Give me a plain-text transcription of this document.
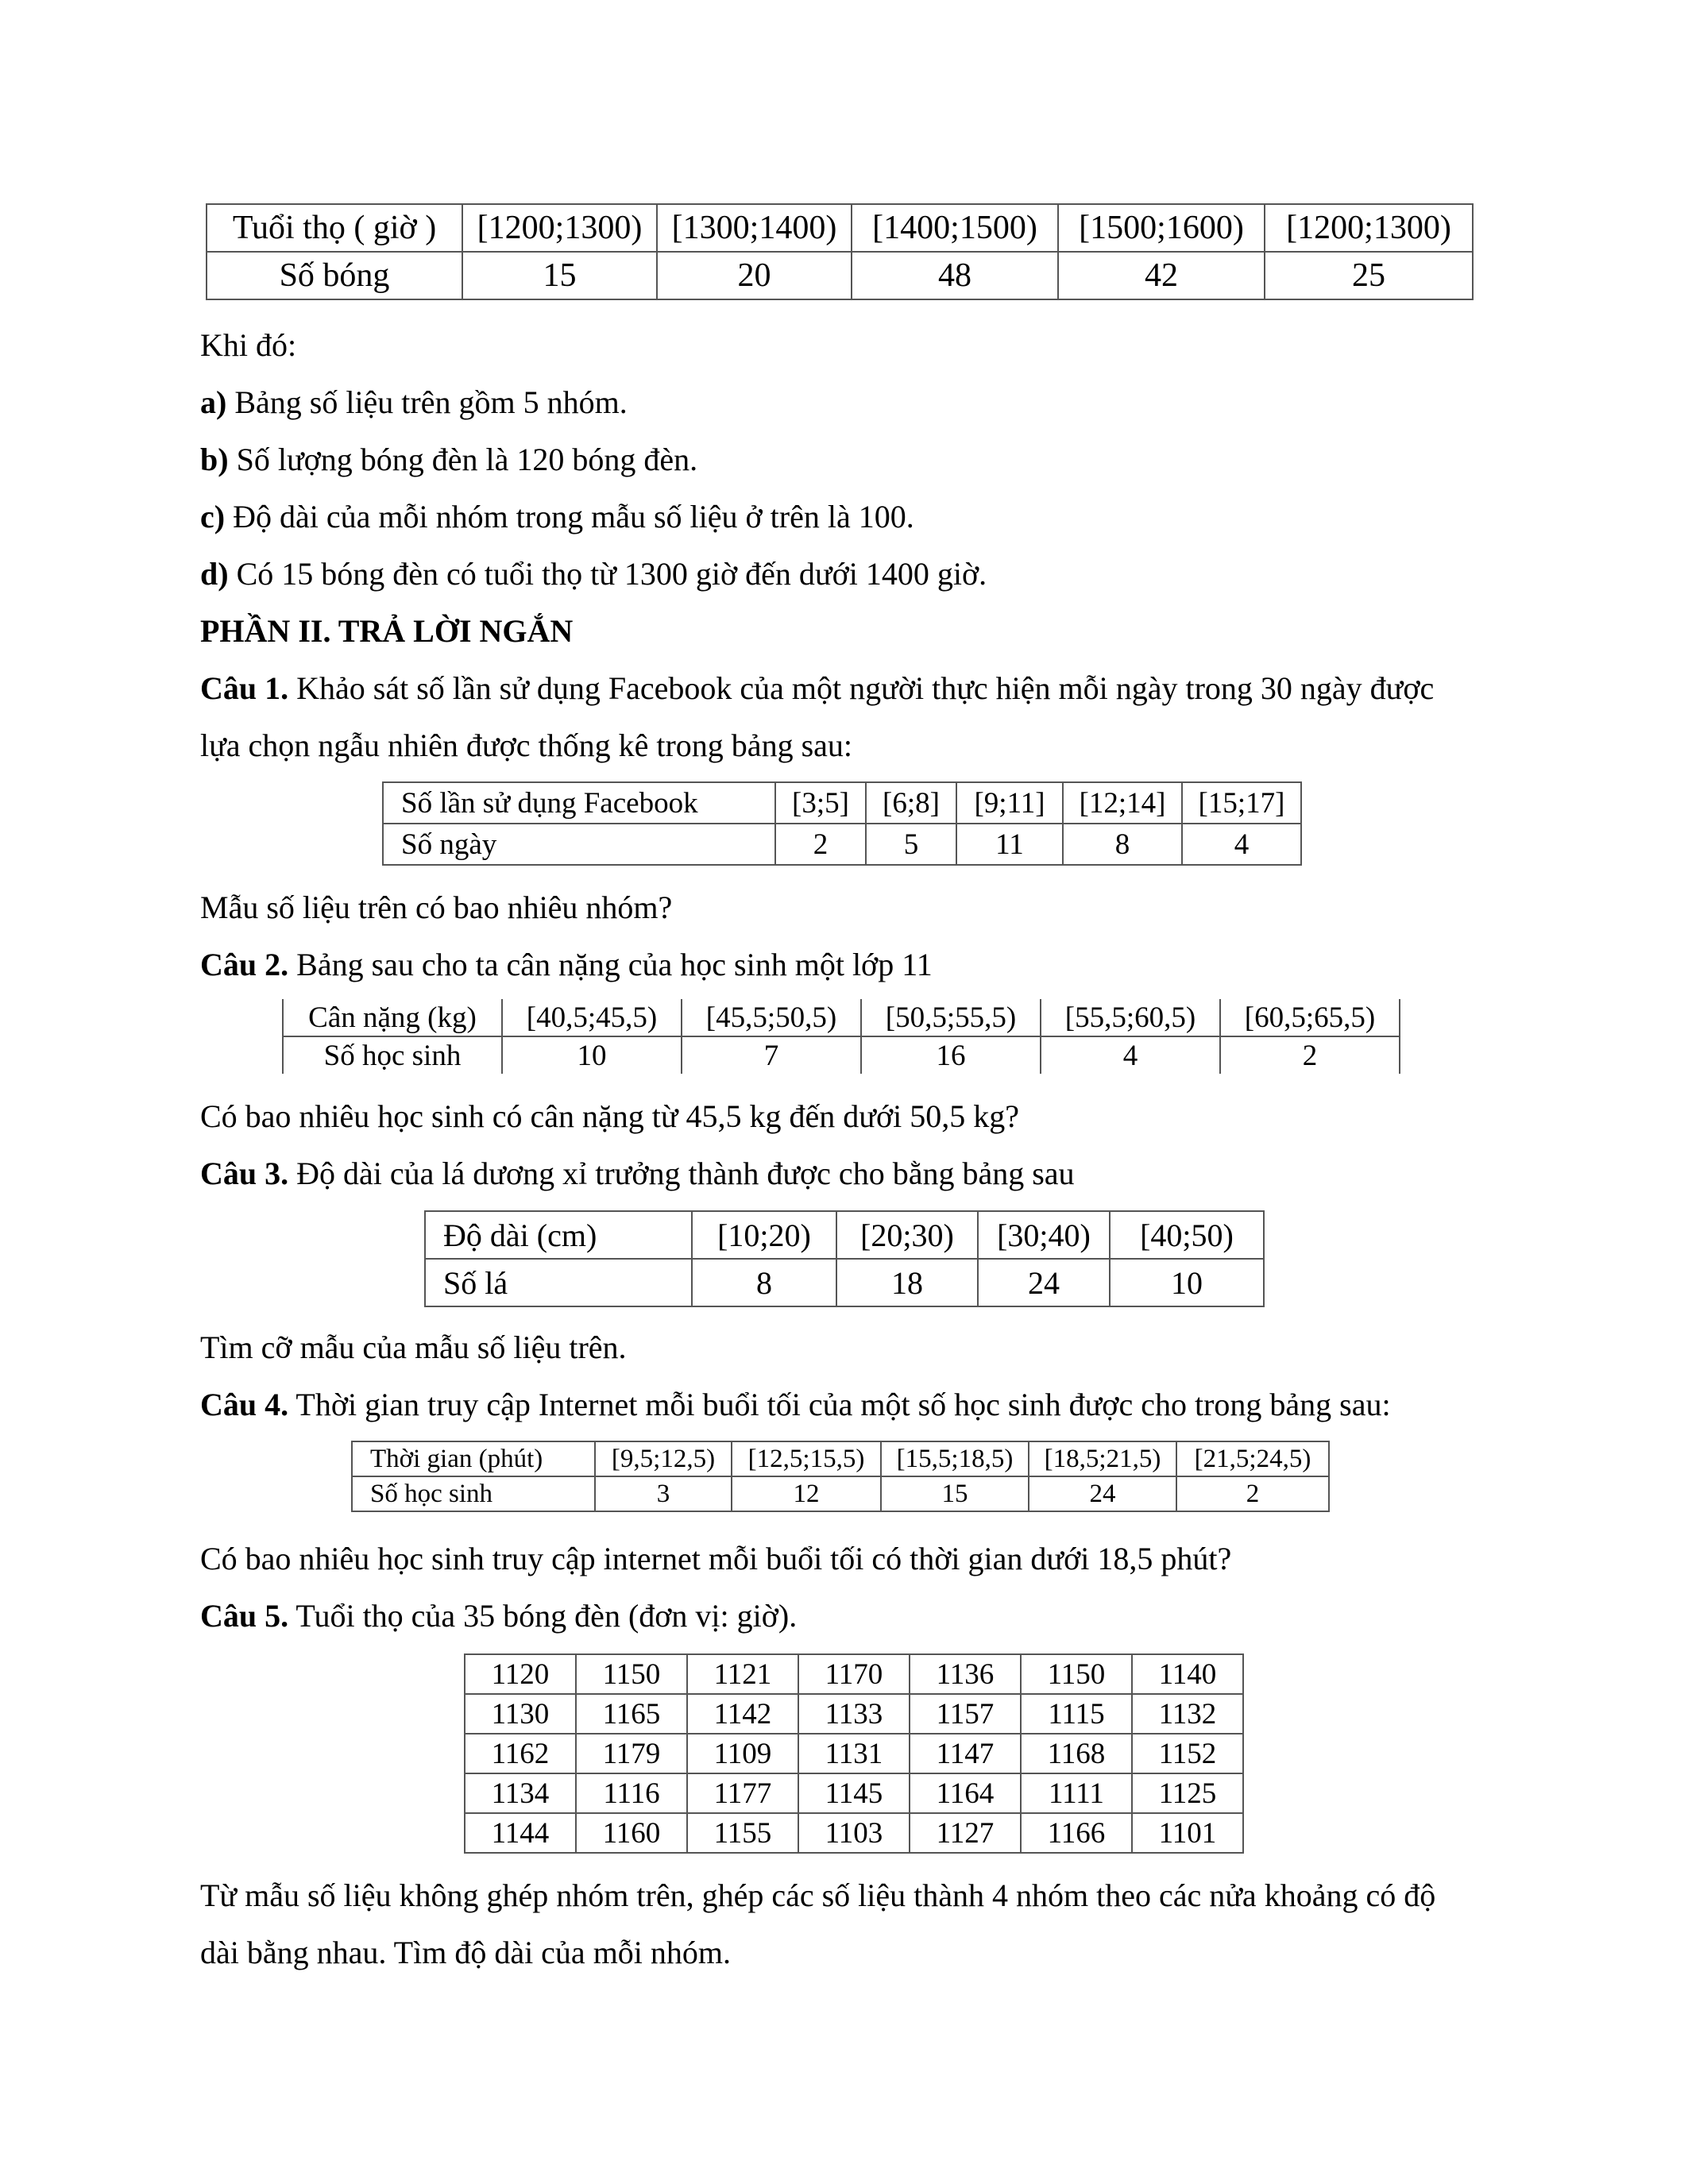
Tuổi thọ ( giờ )	[1200;1300)	[1300;1400)	[1400;1500)	[1500;1600)	[1200;1300)
Số bóng	15	20	48	42	25
Khi đó:
a) Bảng số liệu trên gồm 5 nhóm.
b) Số lượng bóng đèn là 120 bóng đèn.
c) Độ dài của mỗi nhóm trong mẫu số liệu ở trên là 100.
d) Có 15 bóng đèn có tuổi thọ từ 1300 giờ đến dưới 1400 giờ.
PHẦN II. TRẢ LỜI NGẮN
Câu 1. Khảo sát số lần sử dụng Facebook của một người thực hiện mỗi ngày trong 30 ngày được
lựa chọn ngẫu nhiên được thống kê trong bảng sau:
Số lần sử dụng Facebook	[3;5]	[6;8]	[9;11]	[12;14]	[15;17]
Số ngày	2	5	11	8	4
Mẫu số liệu trên có bao nhiêu nhóm?
Câu 2. Bảng sau cho ta cân nặng của học sinh một lớp 11
Cân nặng (kg)	[40,5;45,5)	[45,5;50,5)	[50,5;55,5)	[55,5;60,5)	[60,5;65,5)
Số học sinh	10	7	16	4	2
Có bao nhiêu học sinh có cân nặng từ 45,5 kg đến dưới 50,5 kg?
Câu 3. Độ dài của lá dương xỉ trưởng thành được cho bằng bảng sau
Độ dài (cm)	[10;20)	[20;30)	[30;40)	[40;50)
Số lá	8	18	24	10
Tìm cỡ mẫu của mẫu số liệu trên.
Câu 4. Thời gian truy cập Internet mỗi buổi tối của một số học sinh được cho trong bảng sau:
Thời gian (phút)	[9,5;12,5)	[12,5;15,5)	[15,5;18,5)	[18,5;21,5)	[21,5;24,5)
Số học sinh	3	12	15	24	2
Có bao nhiêu học sinh truy cập internet mỗi buổi tối có thời gian dưới 18,5 phút?
Câu 5. Tuổi thọ của 35 bóng đèn (đơn vị: giờ).
1120	1150	1121	1170	1136	1150	1140
1130	1165	1142	1133	1157	1115	1132
1162	1179	1109	1131	1147	1168	1152
1134	1116	1177	1145	1164	1111	1125
1144	1160	1155	1103	1127	1166	1101
Từ mẫu số liệu không ghép nhóm trên, ghép các số liệu thành 4 nhóm theo các nửa khoảng có độ
dài bằng nhau. Tìm độ dài của mỗi nhóm.
